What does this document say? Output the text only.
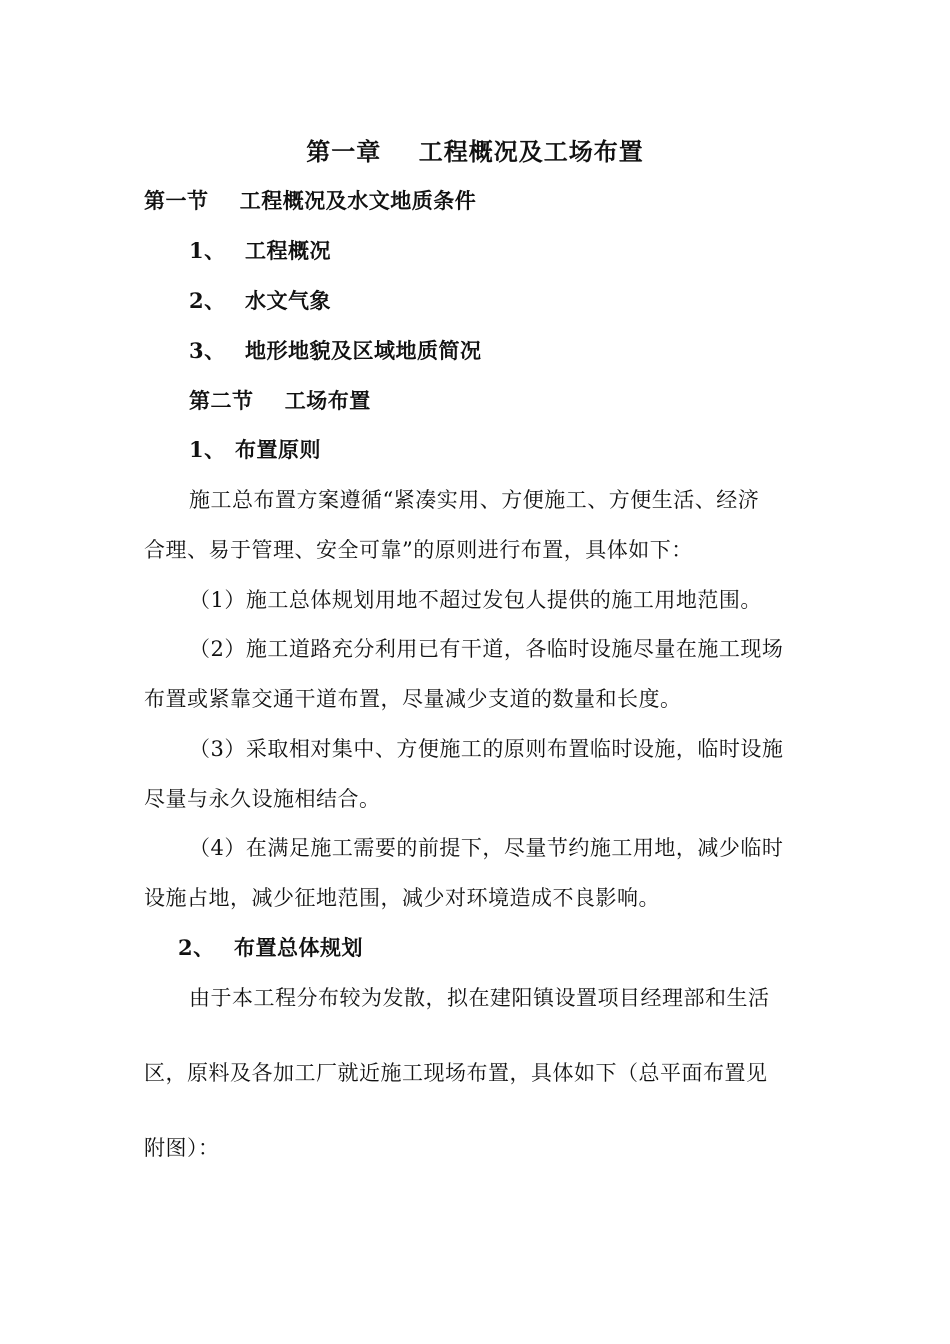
第一章    工程概况及工场布置
第一节    工程概况及水文地质条件
1、 工程概况
2、 水文气象
3、 地形地貌及区域地质简况
第二节    工场布置
1、 布置原则
施工总布置方案遵循“紧凑实用、方便施工、方便生活、经济
合理、易于管理、安全可靠”的原则进行布置，具体如下：
（1）施工总体规划用地不超过发包人提供的施工用地范围。
（2）施工道路充分利用已有干道，各临时设施尽量在施工现场
布置或紧靠交通干道布置，尽量减少支道的数量和长度。
（3）采取相对集中、方便施工的原则布置临时设施，临时设施
尽量与永久设施相结合。
（4）在满足施工需要的前提下，尽量节约施工用地，减少临时
设施占地，减少征地范围，减少对环境造成不良影响。
2、 布置总体规划
由于本工程分布较为发散，拟在建阳镇设置项目经理部和生活
区，原料及各加工厂就近施工现场布置，具体如下（总平面布置见
附图）：
